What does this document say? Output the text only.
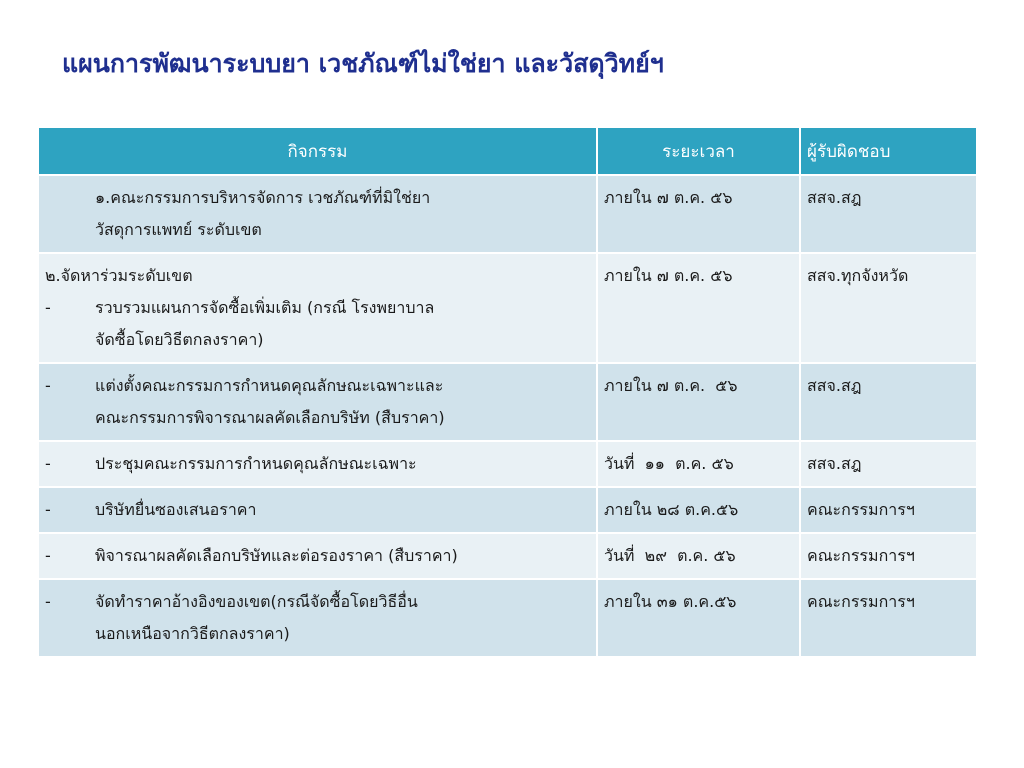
แผนการพัฒนาระบบยา เวชภัณฑ์ไม่ใช่ยา และวัสดุวิทย์ฯ
กิจกรรม	ระยะเวลา	ผู้รับผิดชอบ

๑.คณะกรรมการบริหารจัดการ เวชภัณฑ์ที่มิใช่ยา
วัสดุการแพทย์ ระดับเขต	ภายใน ๗ ต.ค. ๕๖	สสจ.สฎ

๒.จัดหาร่วมระดับเขต
- รวบรวมแผนการจัดซื้อเพิ่มเติม (กรณี โรงพยาบาล
จัดซื้อโดยวิธีตกลงราคา)	ภายใน ๗ ต.ค. ๕๖	สสจ.ทุกจังหวัด

- แต่งตั้งคณะกรรมการกำหนดคุณลักษณะเฉพาะและ
คณะกรรมการพิจารณาผลคัดเลือกบริษัท (สืบราคา)	ภายใน ๗ ต.ค.  ๕๖	สสจ.สฎ

- ประชุมคณะกรรมการกำหนดคุณลักษณะเฉพาะ	วันที่  ๑๑  ต.ค. ๕๖	สสจ.สฎ

- บริษัทยื่นซองเสนอราคา	ภายใน ๒๘ ต.ค.๕๖	คณะกรรมการฯ

- พิจารณาผลคัดเลือกบริษัทและต่อรองราคา (สืบราคา)	วันที่  ๒๙  ต.ค. ๕๖	คณะกรรมการฯ

- จัดทำราคาอ้างอิงของเขต(กรณีจัดซื้อโดยวิธีอื่น
นอกเหนือจากวิธีตกลงราคา)	ภายใน ๓๑ ต.ค.๕๖	คณะกรรมการฯ
